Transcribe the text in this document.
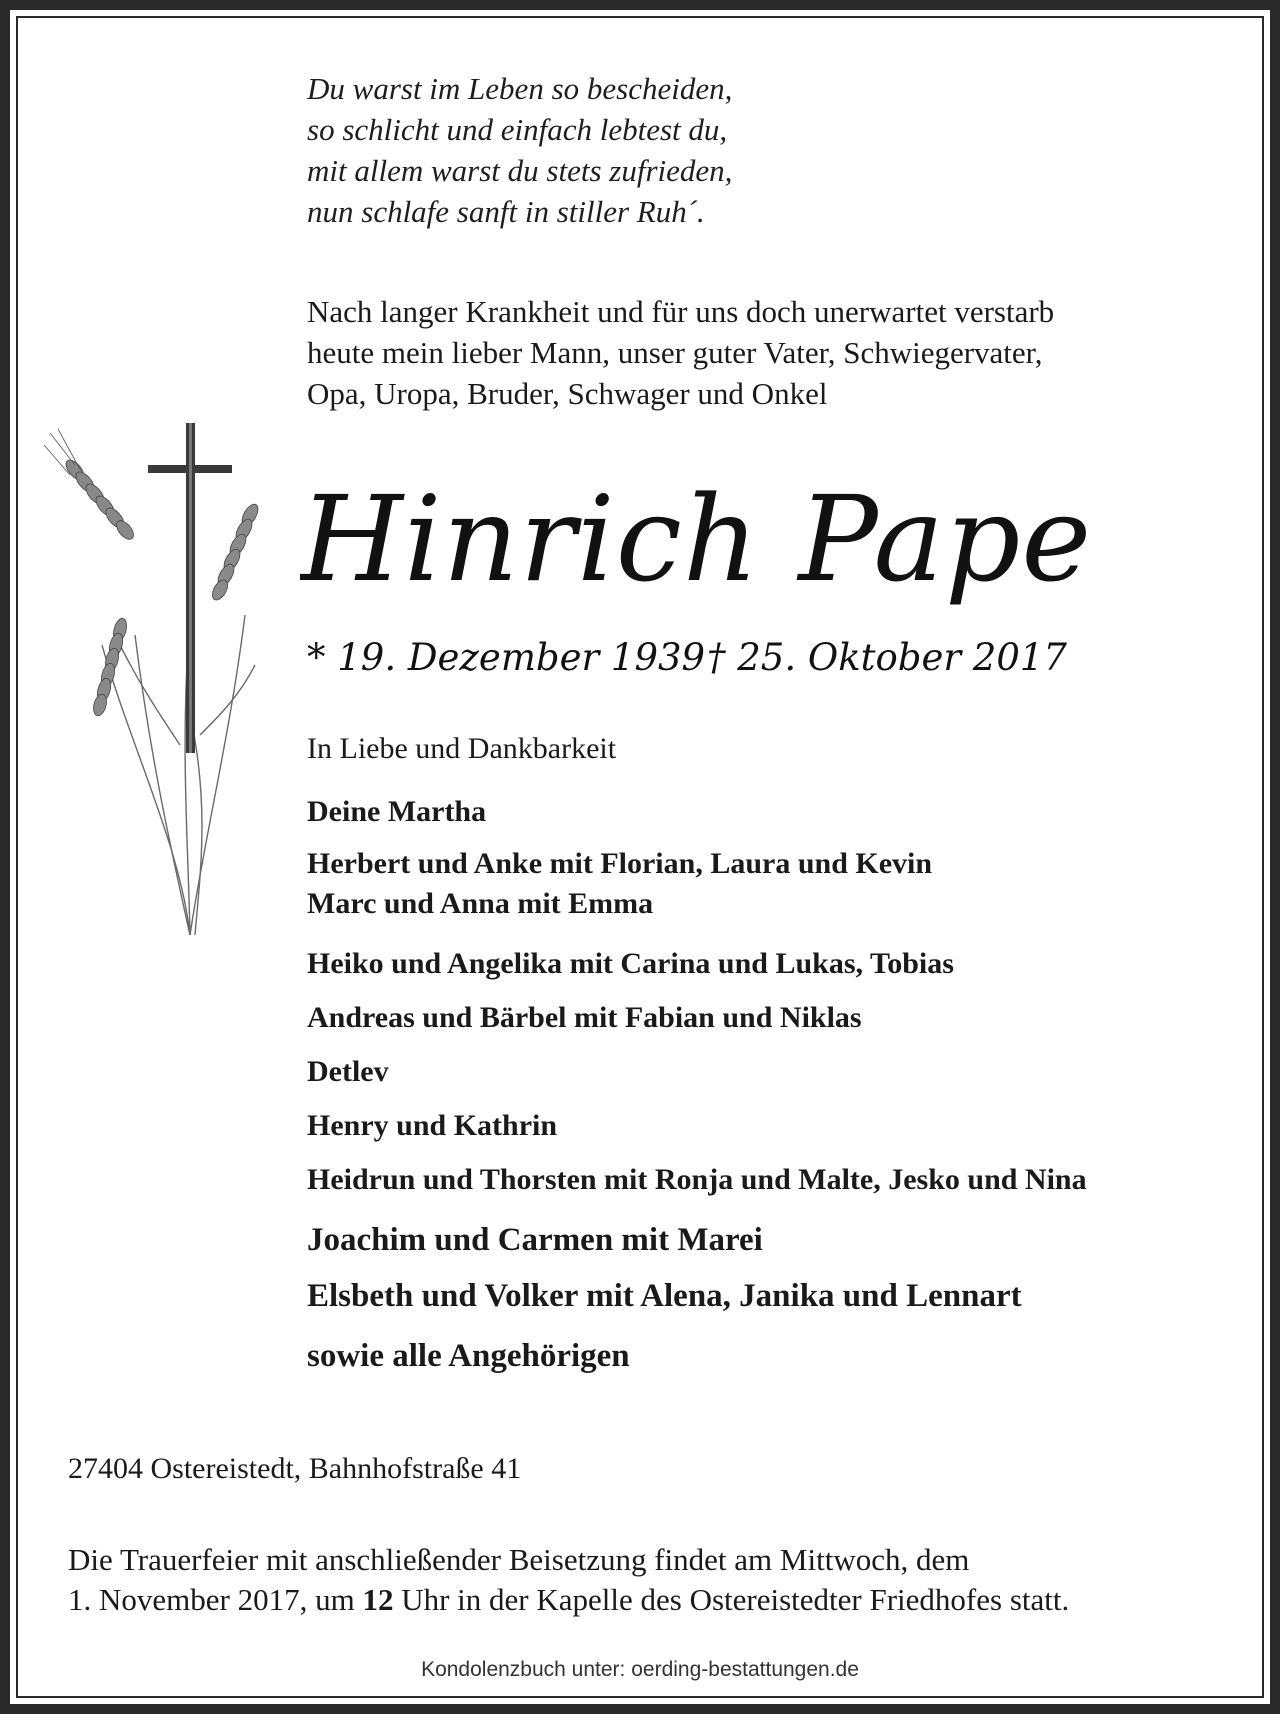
Du warst im Leben so bescheiden,
so schlicht und einfach lebtest du,
mit allem warst du stets zufrieden,
nun schlafe sanft in stiller Ruh´.
Nach langer Krankheit und für uns doch unerwartet verstarb
heute mein lieber Mann, unser guter Vater, Schwiegervater,
Opa, Uropa, Bruder, Schwager und Onkel
Hinrich Pape
* 19. Dezember 1939 † 25. Oktober 2017
In Liebe und Dankbarkeit
Deine Martha
Herbert und Anke mit Florian, Laura und Kevin
Marc und Anna mit Emma
Heiko und Angelika mit Carina und Lukas, Tobias
Andreas und Bärbel mit Fabian und Niklas
Detlev
Henry und Kathrin
Heidrun und Thorsten mit Ronja und Malte, Jesko und Nina
Joachim und Carmen mit Marei
Elsbeth und Volker mit Alena, Janika und Lennart
sowie alle Angehörigen
27404 Ostereistedt, Bahnhofstraße 41
Die Trauerfeier mit anschließender Beisetzung findet am Mittwoch, dem
1. November 2017, um 12 Uhr in der Kapelle des Ostereistedter Friedhofes statt.
Kondolenzbuch unter: oerding-bestattungen.de
